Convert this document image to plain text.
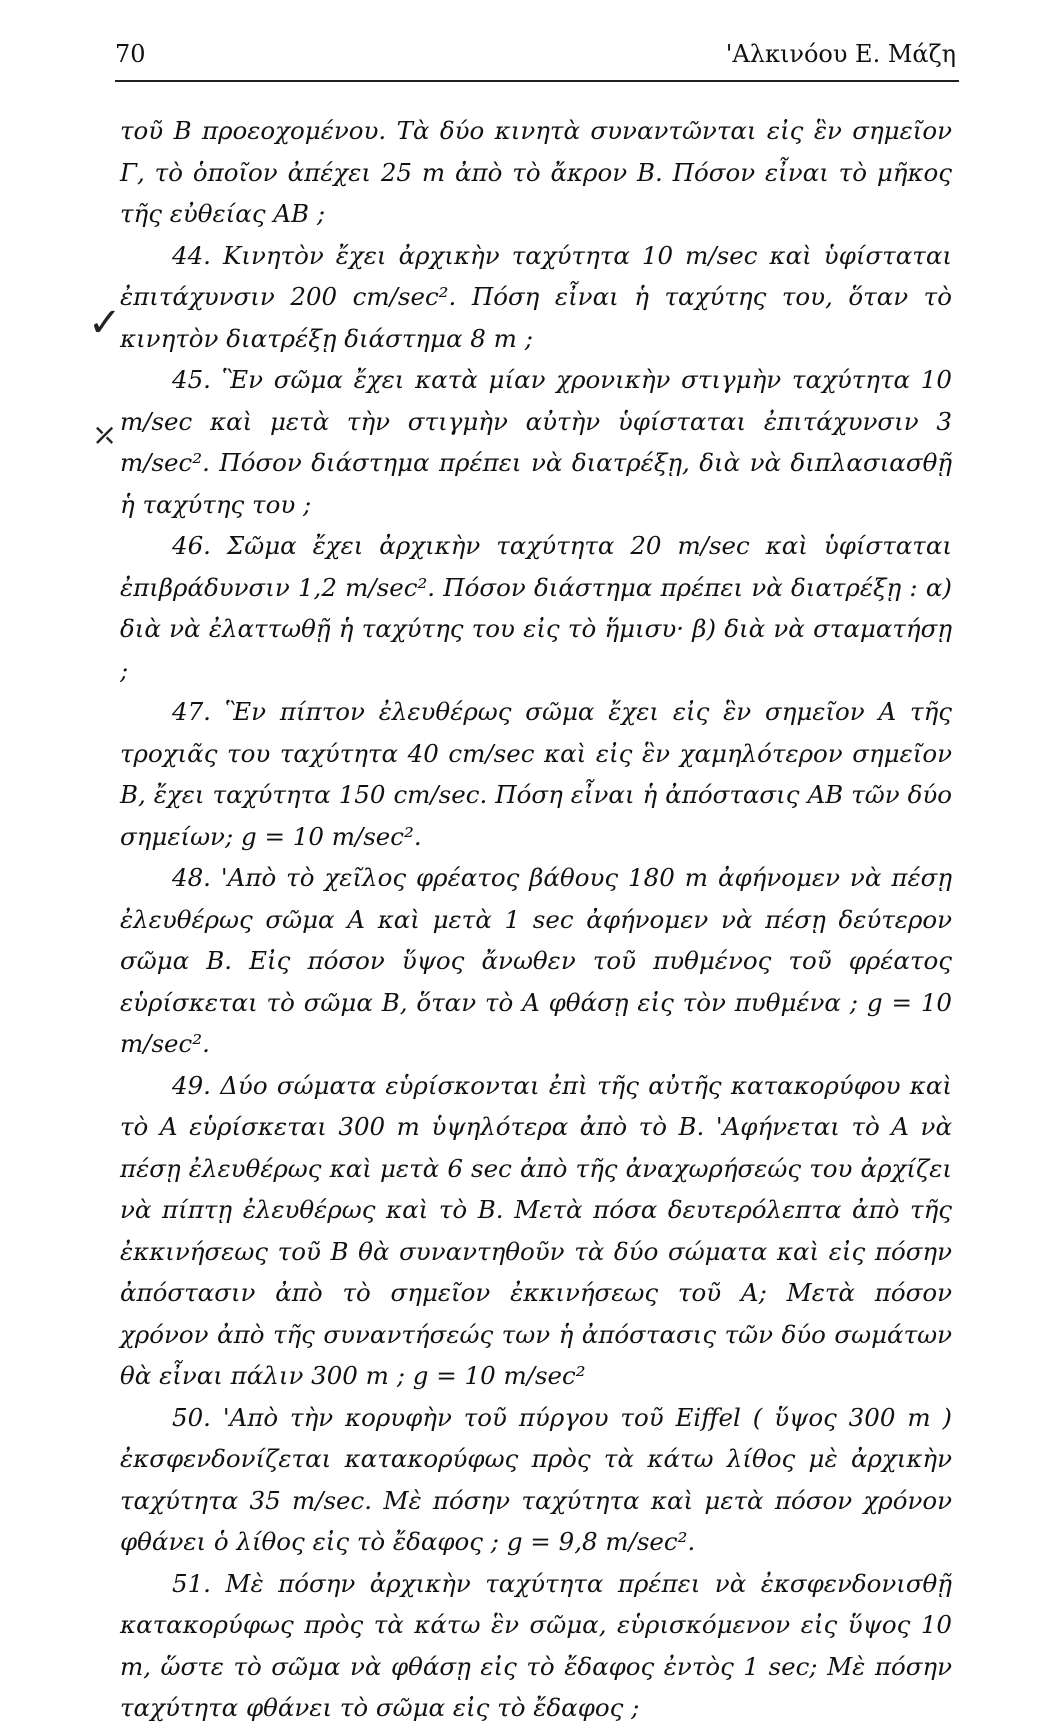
70	'Αλκινόου Ε. Μάζη
✓
⤫

τοῦ Β προεοχομένου. Τὰ δύο κινητὰ συναντῶνται εἰς ἓν σημεῖον Γ, τὸ ὁποῖον ἀπέχει 25 m ἀπὸ τὸ ἄκρον Β. Πόσον εἶναι τὸ μῆκος τῆς εὐθείας ΑΒ ;

44. Κινητὸν ἔχει ἀρχικὴν ταχύτητα 10 m/sec καὶ ὑφίσταται ἐπιτάχυνσιν 200 cm/sec². Πόση εἶναι ἡ ταχύτης του, ὅταν τὸ κινητὸν διατρέξῃ διάστημα 8 m ;

45. Ἓν σῶμα ἔχει κατὰ μίαν χρονικὴν στιγμὴν ταχύτητα 10 m/sec καὶ μετὰ τὴν στιγμὴν αὐτὴν ὑφίσταται ἐπιτάχυνσιν 3 m/sec². Πόσον διάστημα πρέπει νὰ διατρέξῃ, διὰ νὰ διπλασιασθῇ ἡ ταχύτης του ;

46. Σῶμα ἔχει ἀρχικὴν ταχύτητα 20 m/sec καὶ ὑφίσταται ἐπιβράδυνσιν 1,2 m/sec². Πόσον διάστημα πρέπει νὰ διατρέξῃ : α) διὰ νὰ ἐλαττωθῇ ἡ ταχύτης του εἰς τὸ ἥμισυ· β) διὰ νὰ σταματήσῃ ;

47. Ἓν πίπτον ἐλευθέρως σῶμα ἔχει εἰς ἓν σημεῖον Α τῆς τροχιᾶς του ταχύτητα 40 cm/sec καὶ εἰς ἓν χαμηλότερον σημεῖον Β, ἔχει ταχύτητα 150 cm/sec. Πόση εἶναι ἡ ἀπόστασις ΑΒ τῶν δύο σημείων; g = 10 m/sec².

48. 'Απὸ τὸ χεῖλος φρέατος βάθους 180 m ἀφήνομεν νὰ πέσῃ ἐλευθέρως σῶμα Α καὶ μετὰ 1 sec ἀφήνομεν νὰ πέσῃ δεύτερον σῶμα Β. Εἰς πόσον ὕψος ἄνωθεν τοῦ πυθμένος τοῦ φρέατος εὑρίσκεται τὸ σῶμα Β, ὅταν τὸ Α φθάσῃ εἰς τὸν πυθμένα ; g = 10 m/sec².

49. Δύο σώματα εὑρίσκονται ἐπὶ τῆς αὐτῆς κατακορύφου καὶ τὸ Α εὑρίσκεται 300 m ὑψηλότερα ἀπὸ τὸ Β. 'Αφήνεται τὸ Α νὰ πέσῃ ἐλευθέρως καὶ μετὰ 6 sec ἀπὸ τῆς ἀναχωρήσεώς του ἀρχίζει νὰ πίπτῃ ἐλευθέρως καὶ τὸ Β. Μετὰ πόσα δευτερόλεπτα ἀπὸ τῆς ἐκκινήσεως τοῦ Β θὰ συναντηθοῦν τὰ δύο σώματα καὶ εἰς πόσην ἀπόστασιν ἀπὸ τὸ σημεῖον ἐκκινήσεως τοῦ Α; Μετὰ πόσον χρόνον ἀπὸ τῆς συναντήσεώς των ἡ ἀπόστασις τῶν δύο σωμάτων θὰ εἶναι πάλιν 300 m ; g = 10 m/sec²

50. 'Απὸ τὴν κορυφὴν τοῦ πύργου τοῦ Eiffel ( ὕψος 300 m ) ἐκσφενδονίζεται κατακορύφως πρὸς τὰ κάτω λίθος μὲ ἀρχικὴν ταχύτητα 35 m/sec. Μὲ πόσην ταχύτητα καὶ μετὰ πόσον χρόνον φθάνει ὁ λίθος εἰς τὸ ἔδαφος ; g = 9,8 m/sec².

51. Μὲ πόσην ἀρχικὴν ταχύτητα πρέπει νὰ ἐκσφενδονισθῇ κατακορύφως πρὸς τὰ κάτω ἓν σῶμα, εὑρισκόμενον εἰς ὕψος 10 m, ὥστε τὸ σῶμα νὰ φθάσῃ εἰς τὸ ἔδαφος ἐντὸς 1 sec; Μὲ πόσην ταχύτητα φθάνει τὸ σῶμα εἰς τὸ ἔδαφος ;
